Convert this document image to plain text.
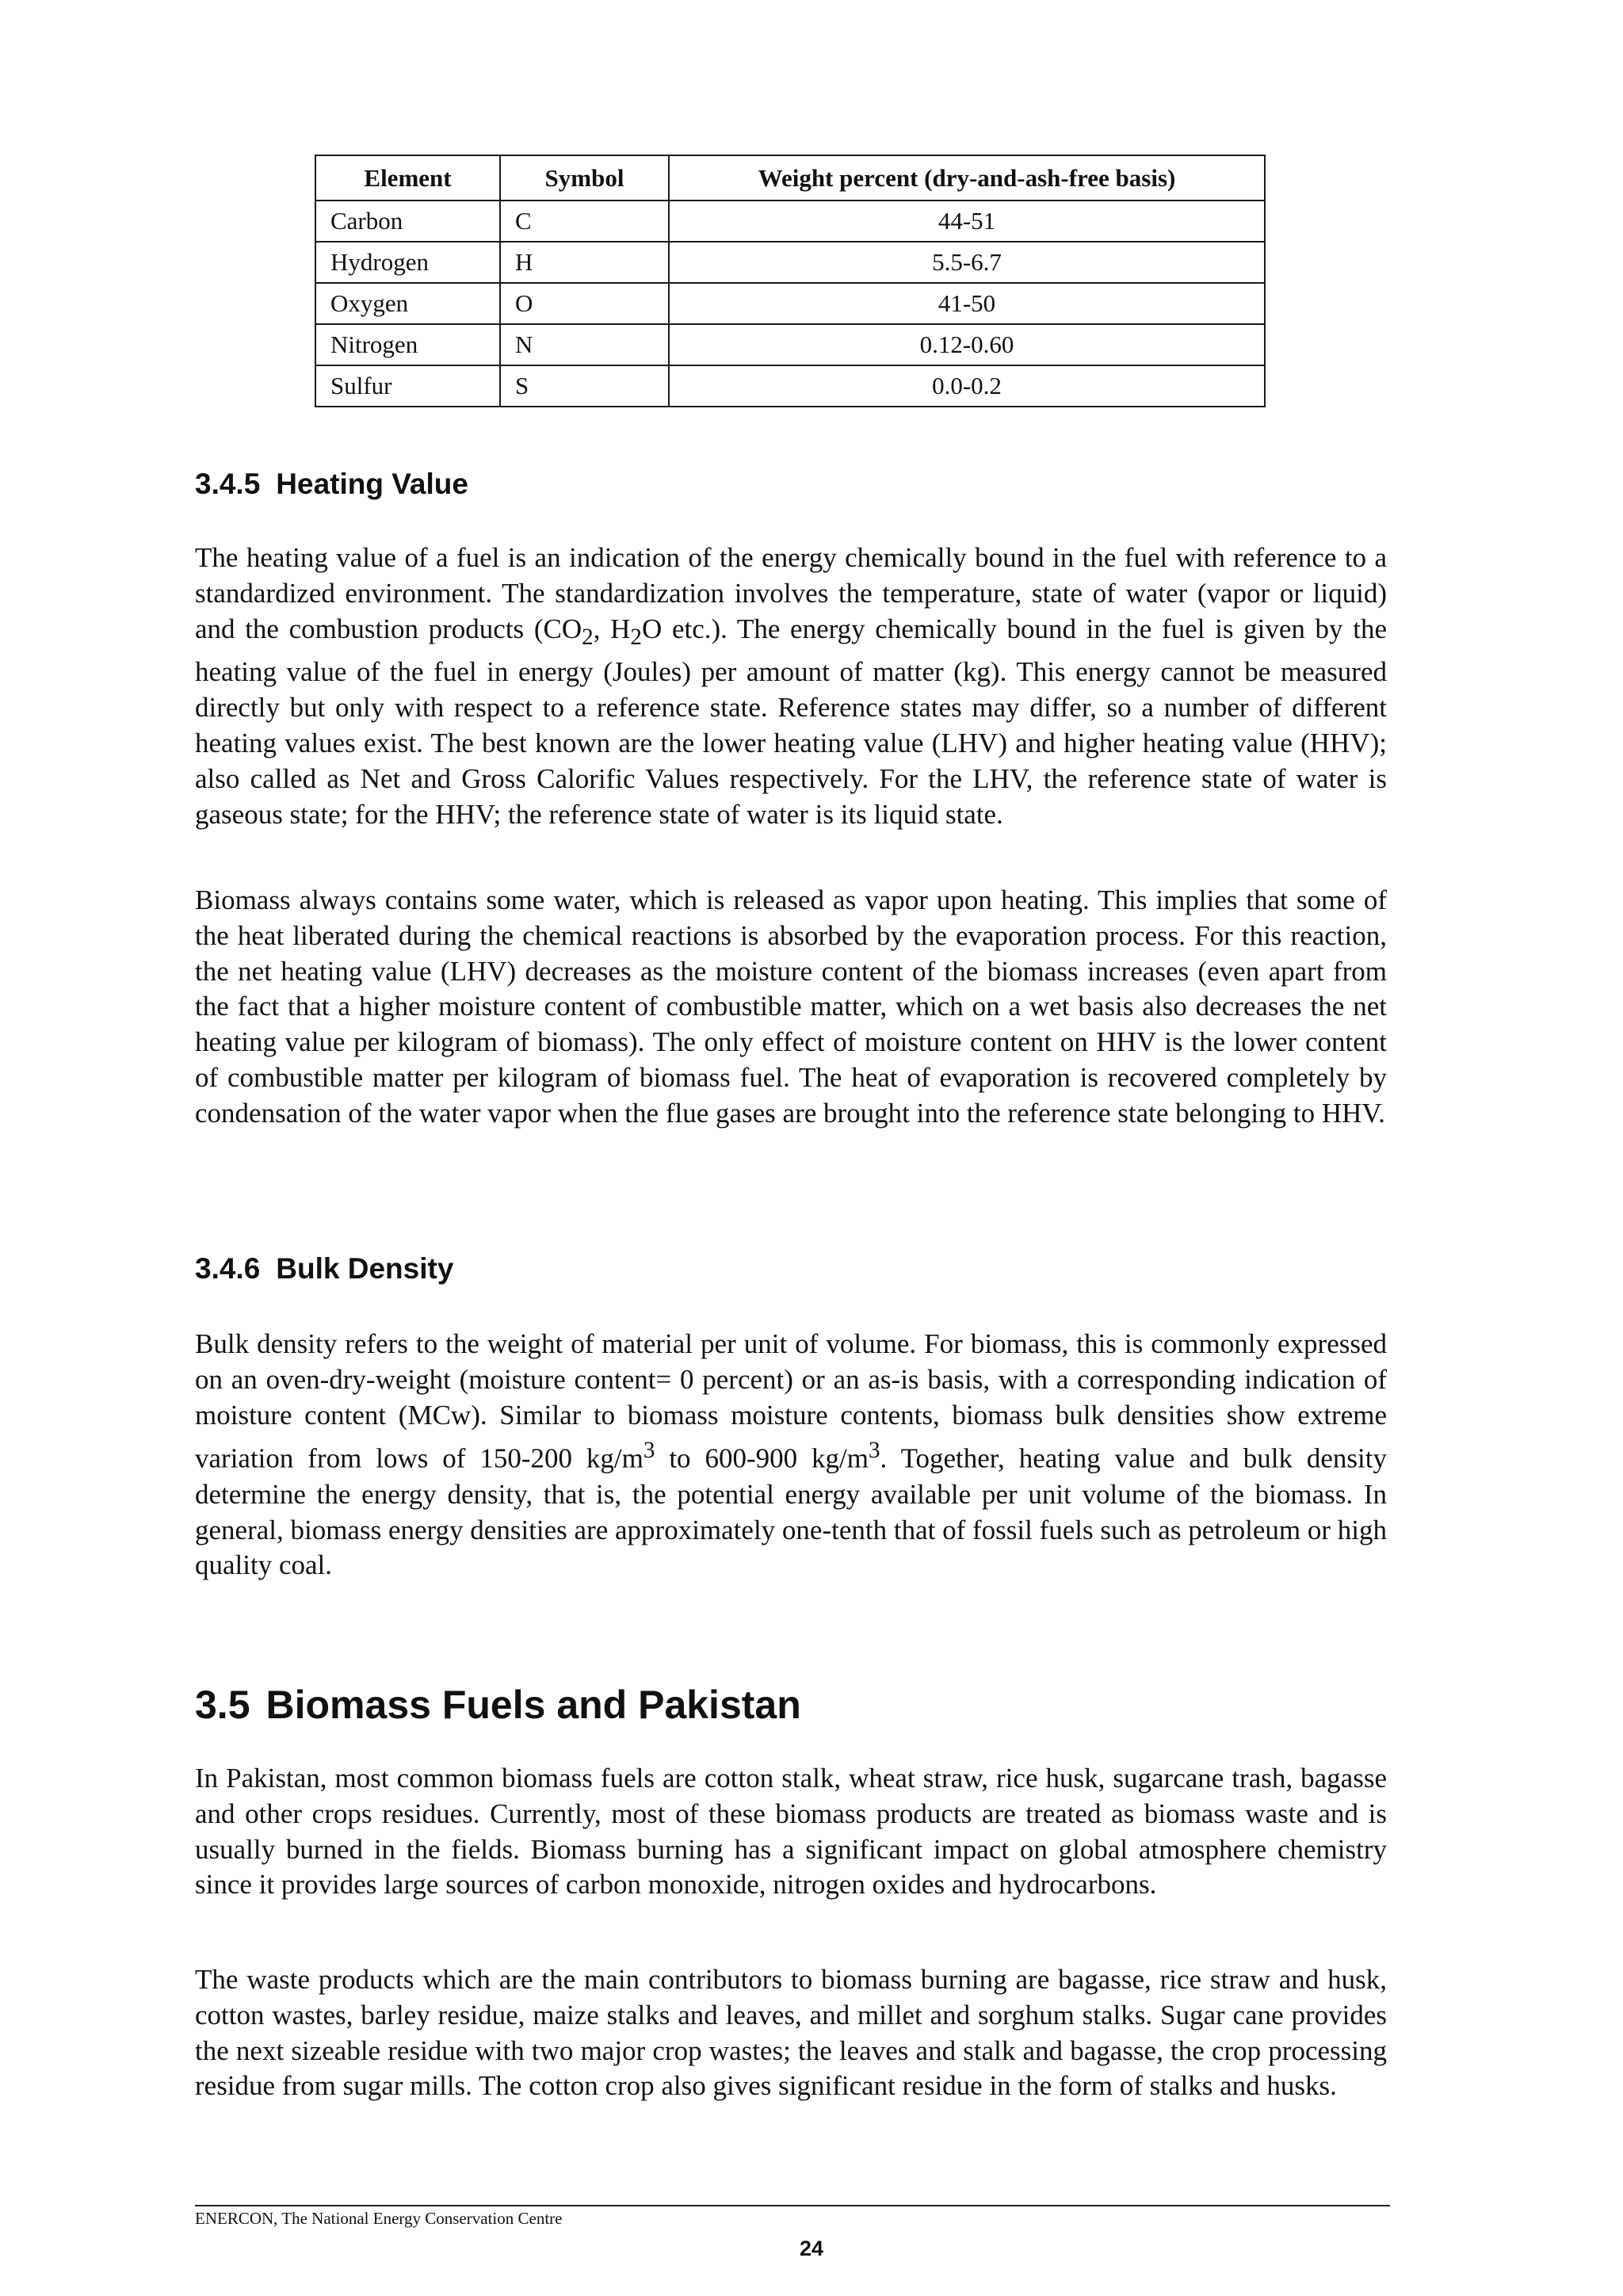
Element	Symbol	Weight percent (dry-and-ash-free basis)
Carbon	C	44-51
Hydrogen	H	5.5-6.7
Oxygen	O	41-50
Nitrogen	N	0.12-0.60
Sulfur	S	0.0-0.2
3.4.5 Heating Value

The heating value of a fuel is an indication of the energy chemically bound in the fuel with reference to a standardized environment. The standardization involves the temperature, state of water (vapor or liquid) and the combustion products ($CO_2$, $H_2O$ etc.). The energy chemically bound in the fuel is given by the heating value of the fuel in energy (Joules) per amount of matter (kg). This energy cannot be measured directly but only with respect to a reference state. Reference states may differ, so a number of different heating values exist. The best known are the lower heating value (LHV) and higher heating value (HHV); also called as Net and Gross Calorific Values respectively. For the LHV, the reference state of water is gaseous state; for the HHV; the reference state of water is its liquid state.

Biomass always contains some water, which is released as vapor upon heating. This implies that some of the heat liberated during the chemical reactions is absorbed by the evaporation process. For this reaction, the net heating value (LHV) decreases as the moisture content of the biomass increases (even apart from the fact that a higher moisture content of combustible matter, which on a wet basis also decreases the net heating value per kilogram of biomass). The only effect of moisture content on HHV is the lower content of combustible matter per kilogram of biomass fuel. The heat of evaporation is recovered completely by condensation of the water vapor when the flue gases are brought into the reference state belonging to HHV.

3.4.6 Bulk Density

Bulk density refers to the weight of material per unit of volume. For biomass, this is commonly expressed on an oven-dry-weight (moisture content= 0 percent) or an as-is basis, with a corresponding indication of moisture content (MCw). Similar to biomass moisture contents, biomass bulk densities show extreme variation from lows of 150-200 $kg/m^3$ to 600-900 $kg/m^3$. Together, heating value and bulk density determine the energy density, that is, the potential energy available per unit volume of the biomass. In general, biomass energy densities are approximately one-tenth that of fossil fuels such as petroleum or high quality coal.

3.5 Biomass Fuels and Pakistan

In Pakistan, most common biomass fuels are cotton stalk, wheat straw, rice husk, sugarcane trash, bagasse and other crops residues. Currently, most of these biomass products are treated as biomass waste and is usually burned in the fields. Biomass burning has a significant impact on global atmosphere chemistry since it provides large sources of carbon monoxide, nitrogen oxides and hydrocarbons.

The waste products which are the main contributors to biomass burning are bagasse, rice straw and husk, cotton wastes, barley residue, maize stalks and leaves, and millet and sorghum stalks. Sugar cane provides the next sizeable residue with two major crop wastes; the leaves and stalk and bagasse, the crop processing residue from sugar mills. The cotton crop also gives significant residue in the form of stalks and husks.

ENERCON, The National Energy Conservation Centre
24
